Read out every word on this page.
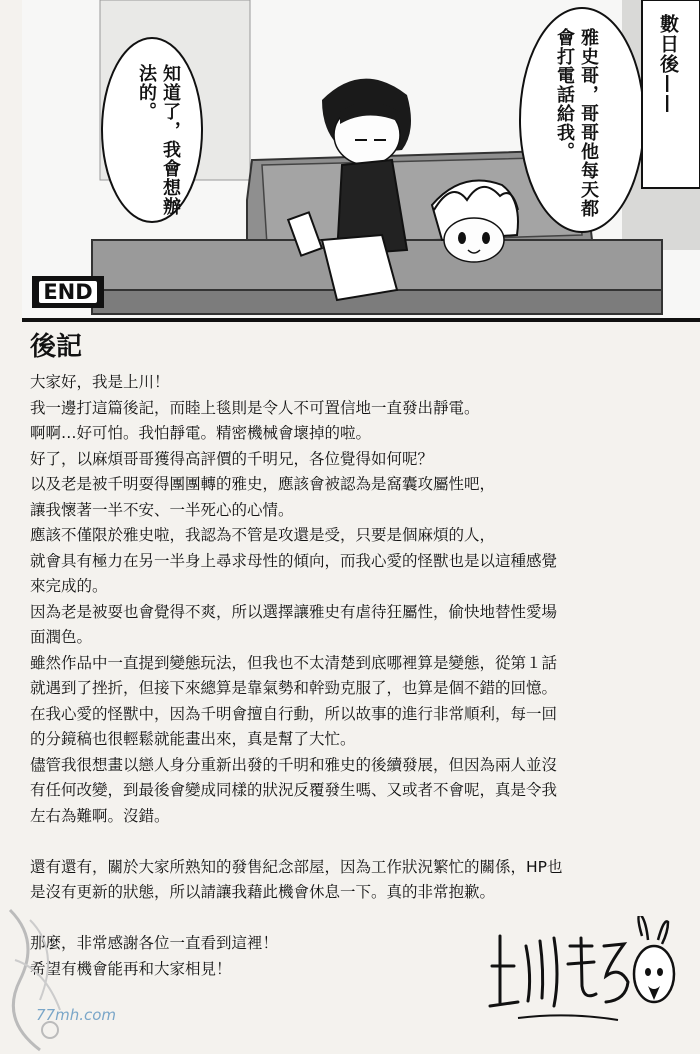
知道了，我會想辦法的。	雅史哥，哥哥他每天都會打電話給我。	數日後——
END
後記

大家好，我是上川！

我一邊打這篇後記，而睦上毯則是令人不可置信地一直發出靜電。

啊啊…好可怕。我怕靜電。精密機械會壞掉的啦。

好了，以麻煩哥哥獲得高評價的千明兄，各位覺得如何呢？

以及老是被千明耍得團團轉的雅史，應該會被認為是窩囊攻屬性吧，

讓我懷著一半不安、一半死心的心情。

應該不僅限於雅史啦，我認為不管是攻還是受，只要是個麻煩的人，

就會具有極力在另一半身上尋求母性的傾向，而我心愛的怪獸也是以這種感覺

來完成的。

因為老是被耍也會覺得不爽，所以選擇讓雅史有虐待狂屬性，偷快地替性愛場

面潤色。

雖然作品中一直提到變態玩法，但我也不太清楚到底哪裡算是變態，從第１話

就遇到了挫折，但接下來總算是靠氣勢和幹勁克服了，也算是個不錯的回憶。

在我心愛的怪獸中，因為千明會擅自行動，所以故事的進行非常順利，每一回

的分鏡稿也很輕鬆就能畫出來，真是幫了大忙。

儘管我很想畫以戀人身分重新出發的千明和雅史的後續發展，但因為兩人並沒

有任何改變，到最後會變成同樣的狀況反覆發生嗎、又或者不會呢，真是令我

左右為難啊。沒錯。

還有還有，關於大家所熟知的發售紀念部屋，因為工作狀況繁忙的關係，HP也

是沒有更新的狀態，所以請讓我藉此機會休息一下。真的非常抱歉。

那麼，非常感謝各位一直看到這裡！

希望有機會能再和大家相見！

77mh.com
